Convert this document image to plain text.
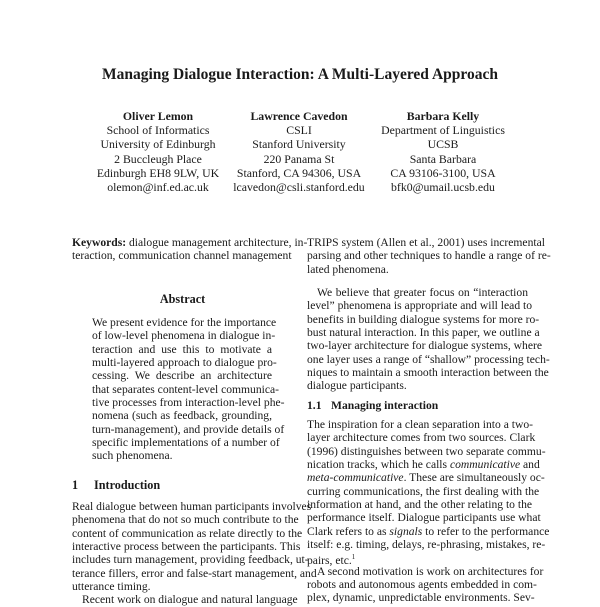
Managing Dialogue Interaction: A Multi-Layered Approach
Oliver Lemon
School of Informatics
University of Edinburgh
2 Buccleugh Place
Edinburgh EH8 9LW, UK
olemon@inf.ed.ac.uk
Lawrence Cavedon
CSLI
Stanford University
220 Panama St
Stanford, CA 94306, USA
lcavedon@csli.stanford.edu
Barbara Kelly
Department of Linguistics
UCSB
Santa Barbara
CA 93106-3100, USA
bfk0@umail.ucsb.edu
Keywords: dialogue management architecture, in-
teraction, communication channel management
Abstract
We present evidence for the importance
of low-level phenomena in dialogue in-
teraction and use this to motivate a
multi-layered approach to dialogue pro-
cessing. We describe an architecture
that separates content-level communica-
tive processes from interaction-level phe-
nomena (such as feedback, grounding,
turn-management), and provide details of
specific implementations of a number of
such phenomena.
1 Introduction
Real dialogue between human participants involves
phenomena that do not so much contribute to the
content of communication as relate directly to the
interactive process between the participants. This
includes turn management, providing feedback, ut-
terance fillers, error and false-start management, and
utterance timing.
Recent work on dialogue and natural language
TRIPS system (Allen et al., 2001) uses incremental
parsing and other techniques to handle a range of re-
lated phenomena.
We believe that greater focus on “interaction
level” phenomena is appropriate and will lead to
benefits in building dialogue systems for more ro-
bust natural interaction. In this paper, we outline a
two-layer architecture for dialogue systems, where
one layer uses a range of “shallow” processing tech-
niques to maintain a smooth interaction between the
dialogue participants.
1.1 Managing interaction
The inspiration for a clean separation into a two-
layer architecture comes from two sources. Clark
(1996) distinguishes between two separate commu-
nication tracks, which he calls communicative and
meta-communicative. These are simultaneously oc-
curring communications, the first dealing with the
information at hand, and the other relating to the
performance itself. Dialogue participants use what
Clark refers to as signals to refer to the performance
itself: e.g. timing, delays, re-phrasing, mistakes, re-
pairs, etc.$^1$
A second motivation is work on architectures for
robots and autonomous agents embedded in com-
plex, dynamic, unpredictable environments. Sev-
